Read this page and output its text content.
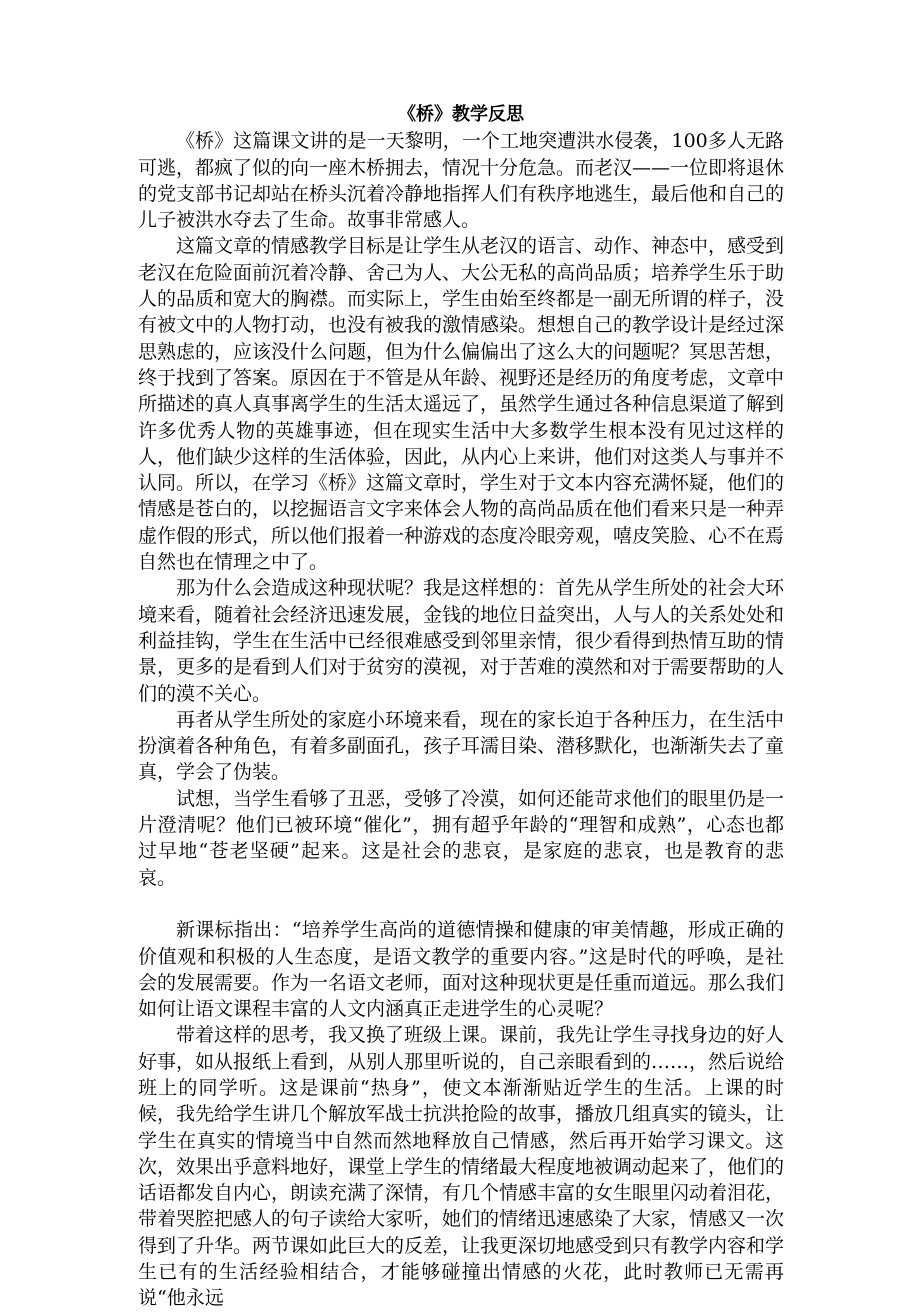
《桥》教学反思

《桥》这篇课文讲的是一天黎明，一个工地突遭洪水侵袭，100多人无路可逃，都疯了似的向一座木桥拥去，情况十分危急。而老汉——一位即将退休的党支部书记却站在桥头沉着冷静地指挥人们有秩序地逃生，最后他和自己的儿子被洪水夺去了生命。故事非常感人。

这篇文章的情感教学目标是让学生从老汉的语言、动作、神态中，感受到老汉在危险面前沉着冷静、舍己为人、大公无私的高尚品质；培养学生乐于助人的品质和宽大的胸襟。而实际上，学生由始至终都是一副无所谓的样子，没有被文中的人物打动，也没有被我的激情感染。想想自己的教学设计是经过深思熟虑的，应该没什么问题，但为什么偏偏出了这么大的问题呢？冥思苦想，终于找到了答案。原因在于不管是从年龄、视野还是经历的角度考虑，文章中所描述的真人真事离学生的生活太遥远了，虽然学生通过各种信息渠道了解到许多优秀人物的英雄事迹，但在现实生活中大多数学生根本没有见过这样的人，他们缺少这样的生活体验，因此，从内心上来讲，他们对这类人与事并不认同。所以，在学习《桥》这篇文章时，学生对于文本内容充满怀疑，他们的情感是苍白的，以挖掘语言文字来体会人物的高尚品质在他们看来只是一种弄虚作假的形式，所以他们报着一种游戏的态度冷眼旁观，嘻皮笑脸、心不在焉自然也在情理之中了。

那为什么会造成这种现状呢？我是这样想的：首先从学生所处的社会大环境来看，随着社会经济迅速发展，金钱的地位日益突出，人与人的关系处处和利益挂钩，学生在生活中已经很难感受到邻里亲情，很少看得到热情互助的情景，更多的是看到人们对于贫穷的漠视，对于苦难的漠然和对于需要帮助的人们的漠不关心。

再者从学生所处的家庭小环境来看，现在的家长迫于各种压力，在生活中扮演着各种角色，有着多副面孔，孩子耳濡目染、潜移默化，也渐渐失去了童真，学会了伪装。

试想，当学生看够了丑恶，受够了冷漠，如何还能苛求他们的眼里仍是一片澄清呢？他们已被环境“催化”，拥有超乎年龄的“理智和成熟”，心态也都过早地“苍老坚硬”起来。这是社会的悲哀，是家庭的悲哀，也是教育的悲哀。

新课标指出：“培养学生高尚的道德情操和健康的审美情趣，形成正确的价值观和积极的人生态度，是语文教学的重要内容。”这是时代的呼唤，是社会的发展需要。作为一名语文老师，面对这种现状更是任重而道远。那么我们如何让语文课程丰富的人文内涵真正走进学生的心灵呢？

带着这样的思考，我又换了班级上课。课前，我先让学生寻找身边的好人好事，如从报纸上看到，从别人那里听说的，自己亲眼看到的……，然后说给班上的同学听。这是课前“热身”，使文本渐渐贴近学生的生活。上课的时候，我先给学生讲几个解放军战士抗洪抢险的故事，播放几组真实的镜头，让学生在真实的情境当中自然而然地释放自己情感，然后再开始学习课文。这次，效果出乎意料地好，课堂上学生的情绪最大程度地被调动起来了，他们的话语都发自内心，朗读充满了深情，有几个情感丰富的女生眼里闪动着泪花，带着哭腔把感人的句子读给大家听，她们的情绪迅速感染了大家，情感又一次得到了升华。两节课如此巨大的反差，让我更深切地感受到只有教学内容和学生已有的生活经验相结合，才能够碰撞出情感的火花，此时教师已无需再说“他永远
